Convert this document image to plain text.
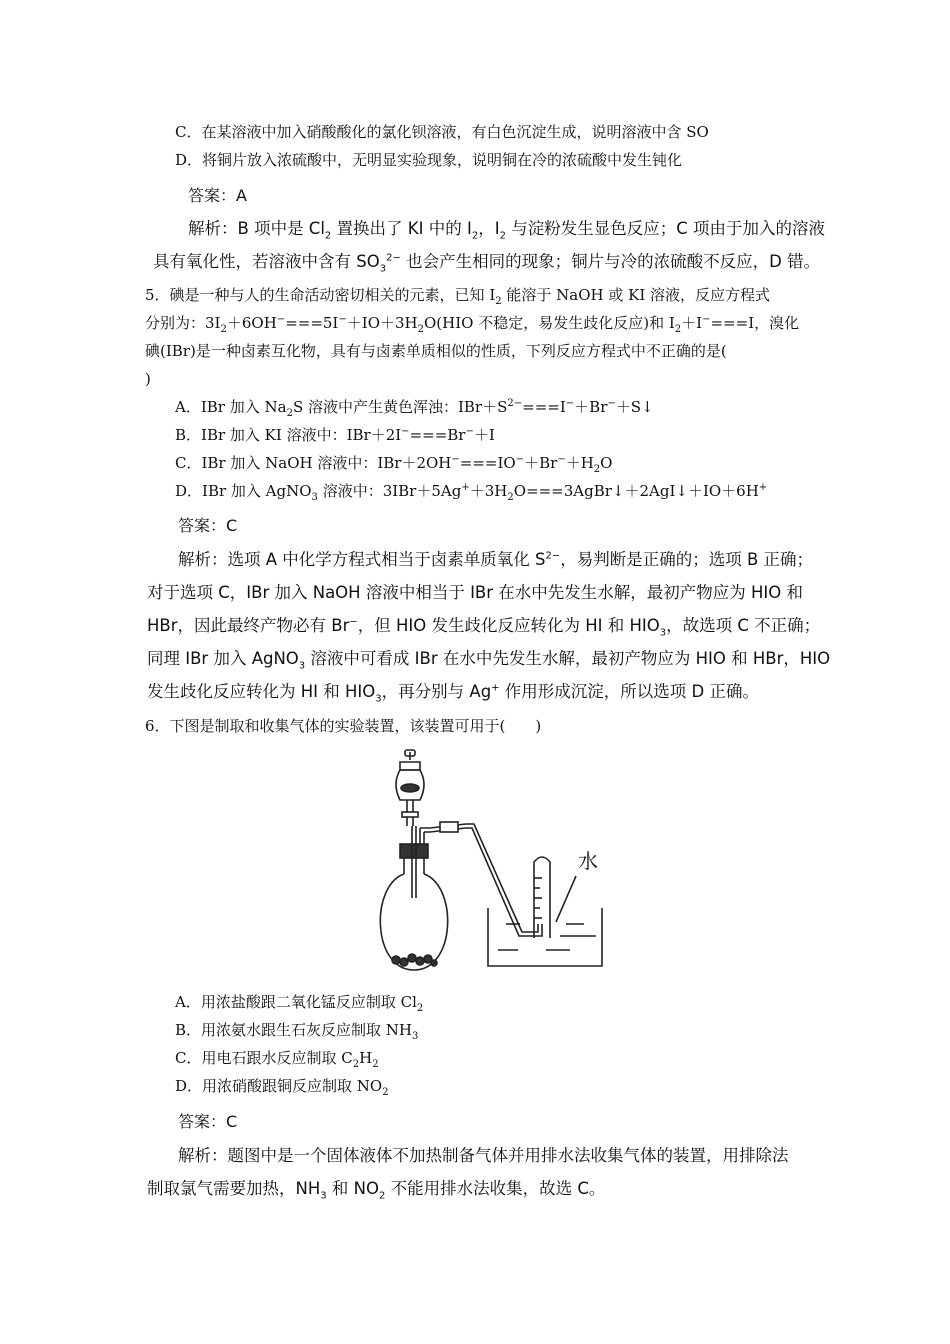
C．在某溶液中加入硝酸酸化的氯化钡溶液，有白色沉淀生成，说明溶液中含 SO
D．将铜片放入浓硫酸中，无明显实验现象，说明铜在冷的浓硫酸中发生钝化
答案：A
解析：B 项中是 $Cl_2$ 置换出了 KI 中的 $I_2$，$I_2$ 与淀粉发生显色反应；C 项由于加入的溶液
具有氧化性，若溶液中含有 $SO_3^{2-}$ 也会产生相同的现象；铜片与冷的浓硫酸不反应，D 错。
5．碘是一种与人的生命活动密切相关的元素，已知 $I_2$ 能溶于 NaOH 或 KI 溶液，反应方程式
分别为：$3I_2+6OH^-===5I^-+IO+3H_2O(HIO$ 不稳定，易发生歧化反应)和 $I_2+I^-===I$，溴化
碘(IBr)是一种卤素互化物，具有与卤素单质相似的性质，下列反应方程式中不正确的是(
)
A．IBr 加入 $Na_2S$ 溶液中产生黄色浑浊：$IBr+S^{2-}===I^-+Br^-+S↓$
B．IBr 加入 KI 溶液中：IBr＋2I−===Br−＋I
C．IBr 加入 NaOH 溶液中：$IBr+2OH^-===IO^-+Br^-+H_2O$
D．IBr 加入 AgNO$_3$ 溶液中：$3IBr+5Ag^++3H_2O===3AgBr↓+2AgI↓+IO+6H^+$
答案：C
解析：选项 A 中化学方程式相当于卤素单质氧化 $S^{2-}$，易判断是正确的；选项 B 正确；
对于选项 C，IBr 加入 NaOH 溶液中相当于 IBr 在水中先发生水解，最初产物应为 HIO 和
HBr，因此最终产物必有 Br−，但 HIO 发生歧化反应转化为 HI 和 $HIO_3$，故选项 C 不正确；
同理 IBr 加入 AgNO$_3$ 溶液中可看成 IBr 在水中先发生水解，最初产物应为 HIO 和 HBr，HIO
发生歧化反应转化为 HI 和 $HIO_3$，再分别与 Ag+ 作用形成沉淀，所以选项 D 正确。
6．下图是制取和收集气体的实验装置，该装置可用于(　　)
水
A．用浓盐酸跟二氧化锰反应制取 $Cl_2$
B．用浓氨水跟生石灰反应制取 $NH_3$
C．用电石跟水反应制取 $C_2H_2$
D．用浓硝酸跟铜反应制取 $NO_2$
答案：C
解析：题图中是一个固体液体不加热制备气体并用排水法收集气体的装置，用排除法
制取氯气需要加热，$NH_3$ 和 $NO_2$ 不能用排水法收集，故选 C。
